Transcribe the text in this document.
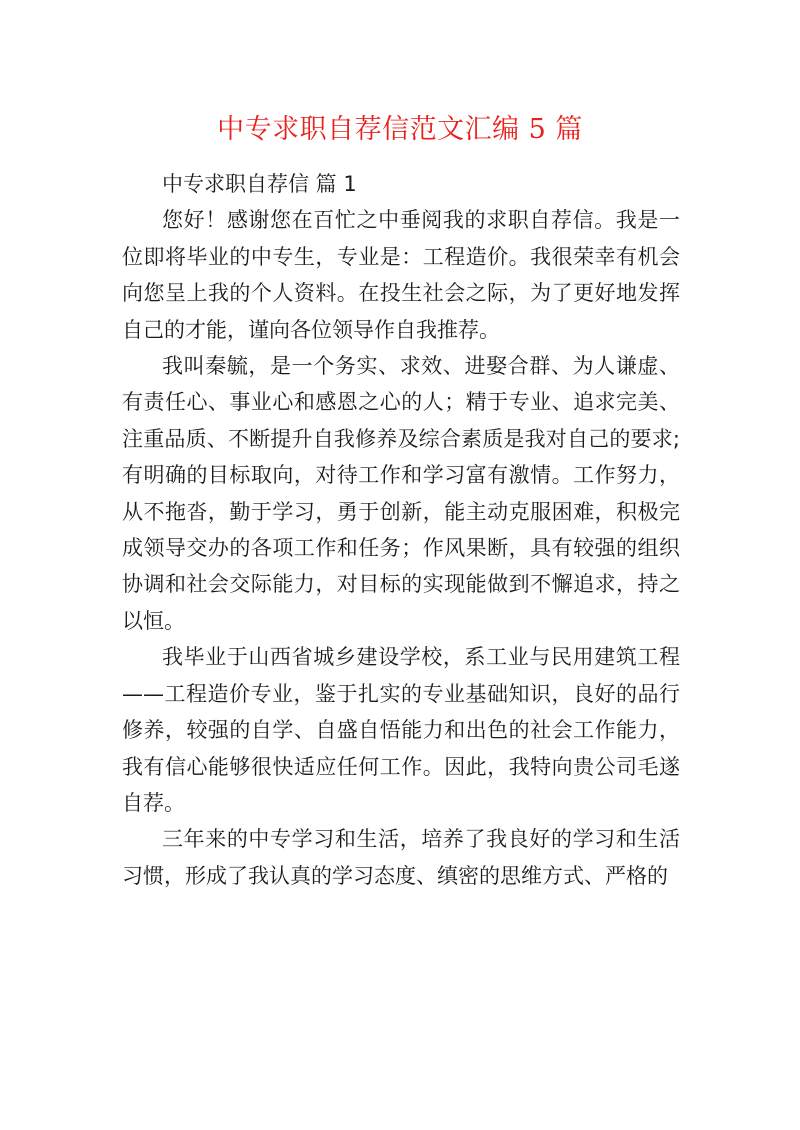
中专求职自荐信范文汇编 5 篇

中专求职自荐信 篇 1

您好！感谢您在百忙之中垂阅我的求职自荐信。我是一位即将毕业的中专生，专业是：工程造价。我很荣幸有机会向您呈上我的个人资料。在投生社会之际，为了更好地发挥自己的才能，谨向各位领导作自我推荐。

我叫秦毓，是一个务实、求效、进娶合群、为人谦虚、有责任心、事业心和感恩之心的人；精于专业、追求完美、注重品质、不断提升自我修养及综合素质是我对自己的要求;有明确的目标取向，对待工作和学习富有激情。工作努力，从不拖沓，勤于学习，勇于创新，能主动克服困难，积极完成领导交办的各项工作和任务；作风果断，具有较强的组织协调和社会交际能力，对目标的实现能做到不懈追求，持之以恒。

我毕业于山西省城乡建设学校，系工业与民用建筑工程——工程造价专业，鉴于扎实的专业基础知识，良好的品行修养，较强的自学、自盛自悟能力和出色的社会工作能力，我有信心能够很快适应任何工作。因此，我特向贵公司毛遂自荐。

三年来的中专学习和生活，培养了我良好的学习和生活习惯，形成了我认真的学习态度、缜密的思维方式、严格的
